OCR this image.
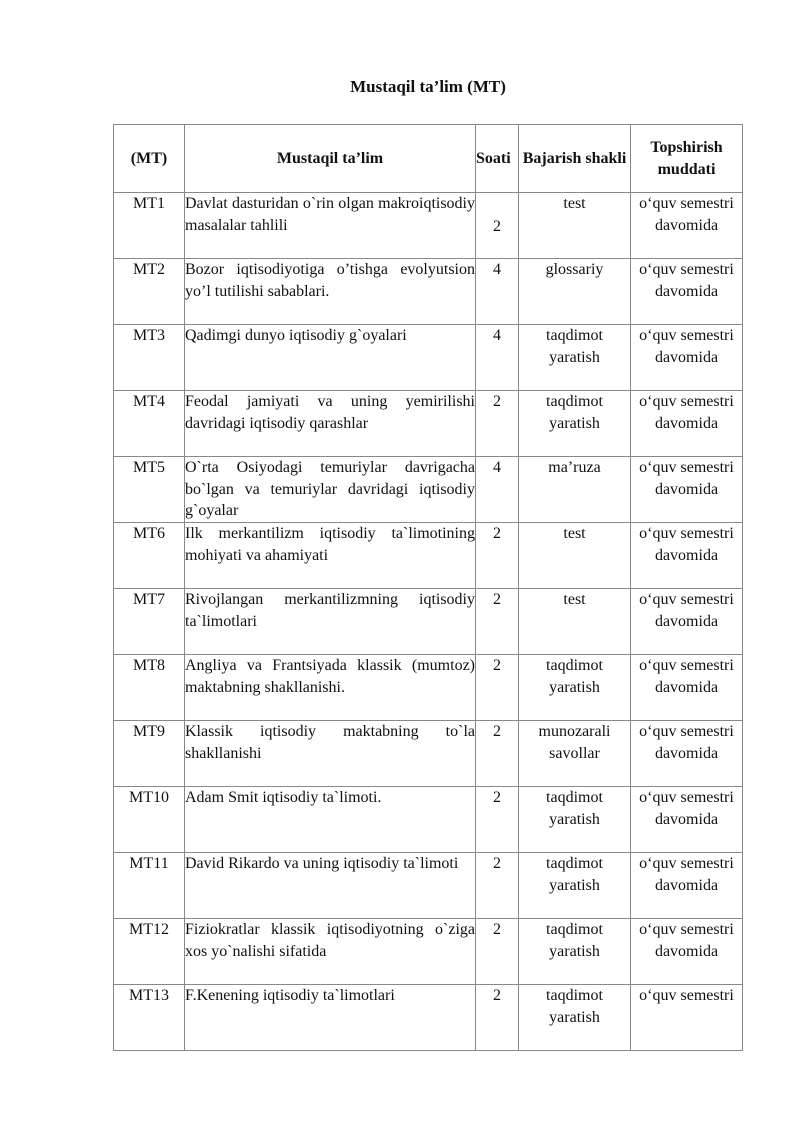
Mustaqil ta’lim (MT)
(MT)	Mustaqil ta’lim	Soati	Bajarish shakli	Topshirish muddati
MT1	Davlat dasturidan o`rin olgan makroiqtisodiy masalalar tahlili	2	test	o‘quv semestri davomida
MT2	Bozor iqtisodiyotiga o’tishga evolyutsion yo’l tutilishi sabablari.	4	glossariy	o‘quv semestri davomida
MT3	Qadimgi dunyo iqtisodiy g`oyalari	4	taqdimot yaratish	o‘quv semestri davomida
MT4	Feodal jamiyati va uning yemirilishi davridagi iqtisodiy qarashlar	2	taqdimot yaratish	o‘quv semestri davomida
MT5	O`rta Osiyodagi temuriylar davrigacha bo`lgan va temuriylar davridagi iqtisodiy g`oyalar	4	ma’ruza	o‘quv semestri davomida
MT6	Ilk merkantilizm iqtisodiy ta`limotining mohiyati va ahamiyati	2	test	o‘quv semestri davomida
MT7	Rivojlangan merkantilizmning iqtisodiy ta`limotlari	2	test	o‘quv semestri davomida
MT8	Angliya va Frantsiyada klassik (mumtoz) maktabning shakllanishi.	2	taqdimot yaratish	o‘quv semestri davomida
MT9	Klassik iqtisodiy maktabning to`la shakllanishi	2	munozarali savollar	o‘quv semestri davomida
MT10	Adam Smit iqtisodiy ta`limoti.	2	taqdimot yaratish	o‘quv semestri davomida
MT11	David Rikardo va uning iqtisodiy ta`limoti	2	taqdimot yaratish	o‘quv semestri davomida
MT12	Fiziokratlar klassik iqtisodiyotning o`ziga xos yo`nalishi sifatida	2	taqdimot yaratish	o‘quv semestri davomida
MT13	F.Kenening iqtisodiy ta`limotlari	2	taqdimot yaratish	o‘quv semestri
